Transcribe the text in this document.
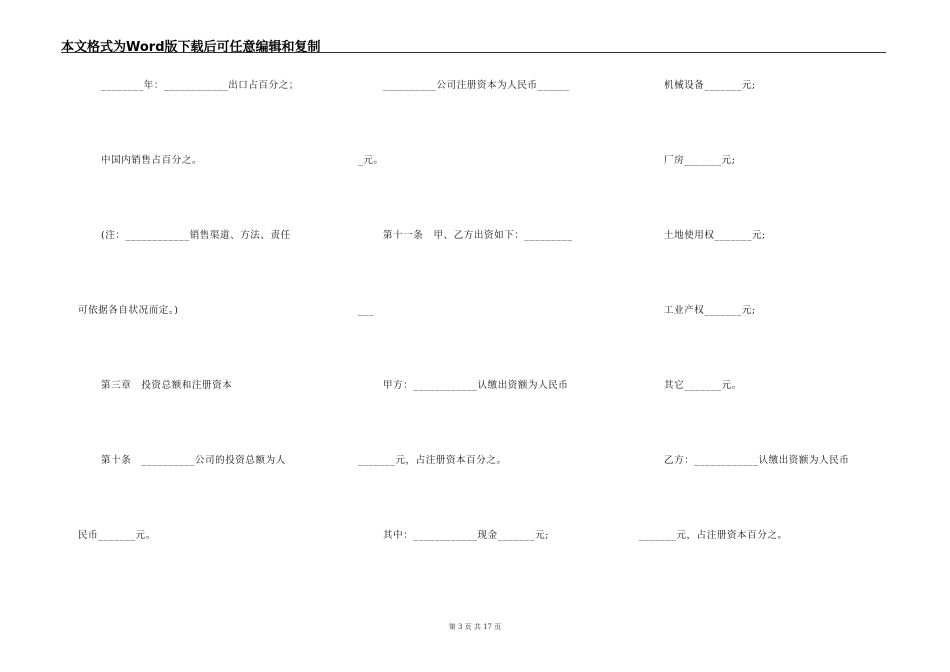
本文格式为Word版下载后可任意编辑和复制
________年：____________出口占百分之；
中国内销售占百分之。
(注：____________销售渠道、方法、责任
可依据各自状况而定。)
第三章　投资总额和注册资本
第十条　__________公司的投资总额为人
民币_______元。
__________公司注册资本为人民币______
_元。
第十一条　甲、乙方出资如下：_________
___
甲方：____________认缴出资额为人民币
_______元，占注册资本百分之。
其中：____________现金_______元;
机械设备_______元;
厂房_______元;
土地使用权_______元;
工业产权_______元;
其它_______元。
乙方：____________认缴出资额为人民币
_______元，占注册资本百分之。
第 3 页 共 17 页
